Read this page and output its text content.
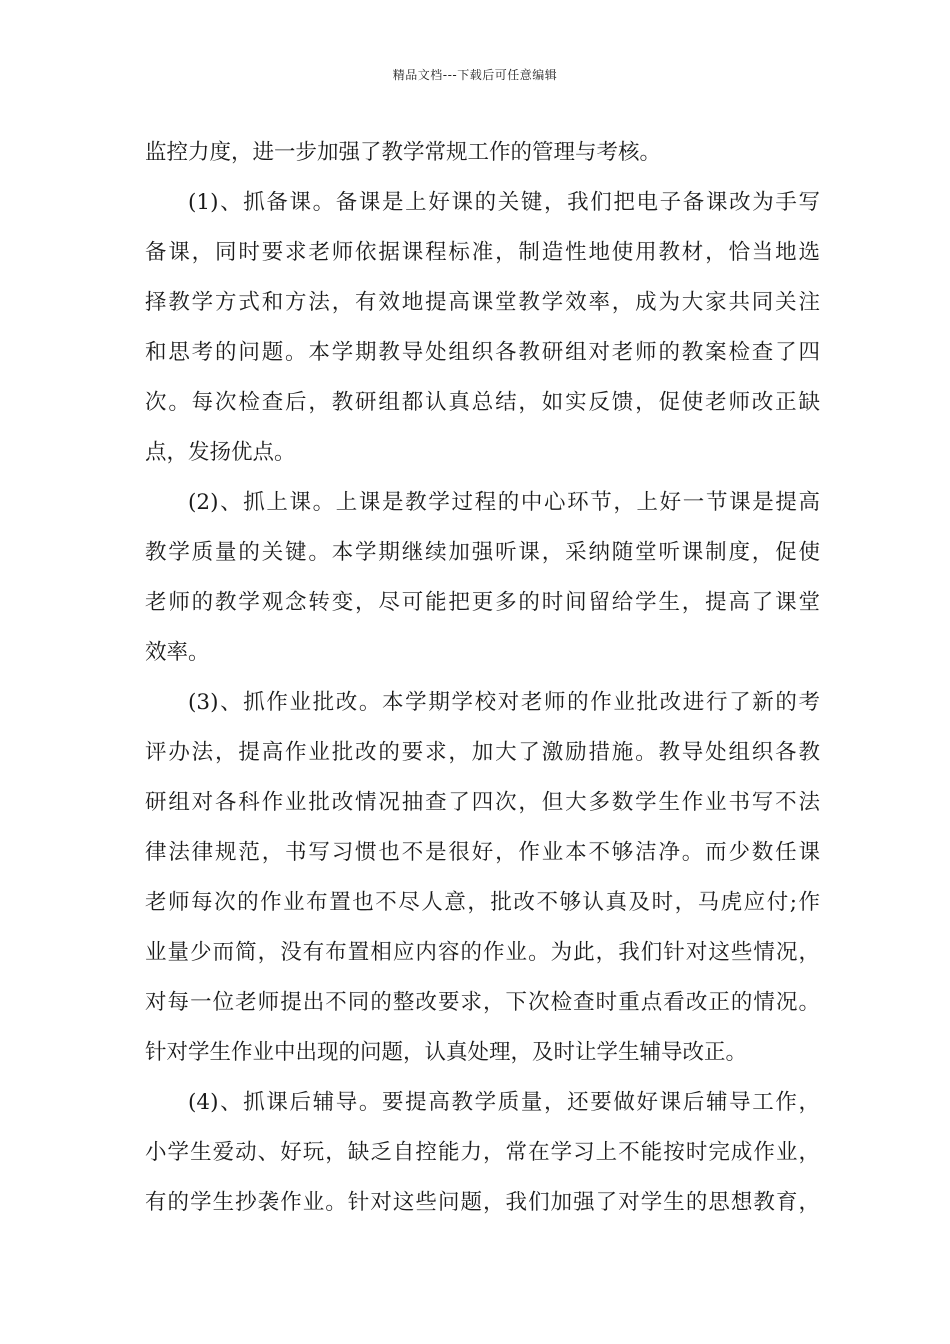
精品文档---下载后可任意编辑
监控力度，进一步加强了教学常规工作的管理与考核。
(1)、抓备课。备课是上好课的关键，我们把电子备课改为手写
备课，同时要求老师依据课程标准，制造性地使用教材，恰当地选
择教学方式和方法，有效地提高课堂教学效率，成为大家共同关注
和思考的问题。本学期教导处组织各教研组对老师的教案检查了四
次。每次检查后，教研组都认真总结，如实反馈，促使老师改正缺
点，发扬优点。
(2)、抓上课。上课是教学过程的中心环节，上好一节课是提高
教学质量的关键。本学期继续加强听课，采纳随堂听课制度，促使
老师的教学观念转变，尽可能把更多的时间留给学生，提高了课堂
效率。
(3)、抓作业批改。本学期学校对老师的作业批改进行了新的考
评办法，提高作业批改的要求，加大了激励措施。教导处组织各教
研组对各科作业批改情况抽查了四次，但大多数学生作业书写不法
律法律规范，书写习惯也不是很好，作业本不够洁净。而少数任课
老师每次的作业布置也不尽人意，批改不够认真及时，马虎应付;作
业量少而简，没有布置相应内容的作业。为此，我们针对这些情况，
对每一位老师提出不同的整改要求，下次检查时重点看改正的情况。
针对学生作业中出现的问题，认真处理，及时让学生辅导改正。
(4)、抓课后辅导。要提高教学质量，还要做好课后辅导工作，
小学生爱动、好玩，缺乏自控能力，常在学习上不能按时完成作业，
有的学生抄袭作业。针对这些问题，我们加强了对学生的思想教育，
